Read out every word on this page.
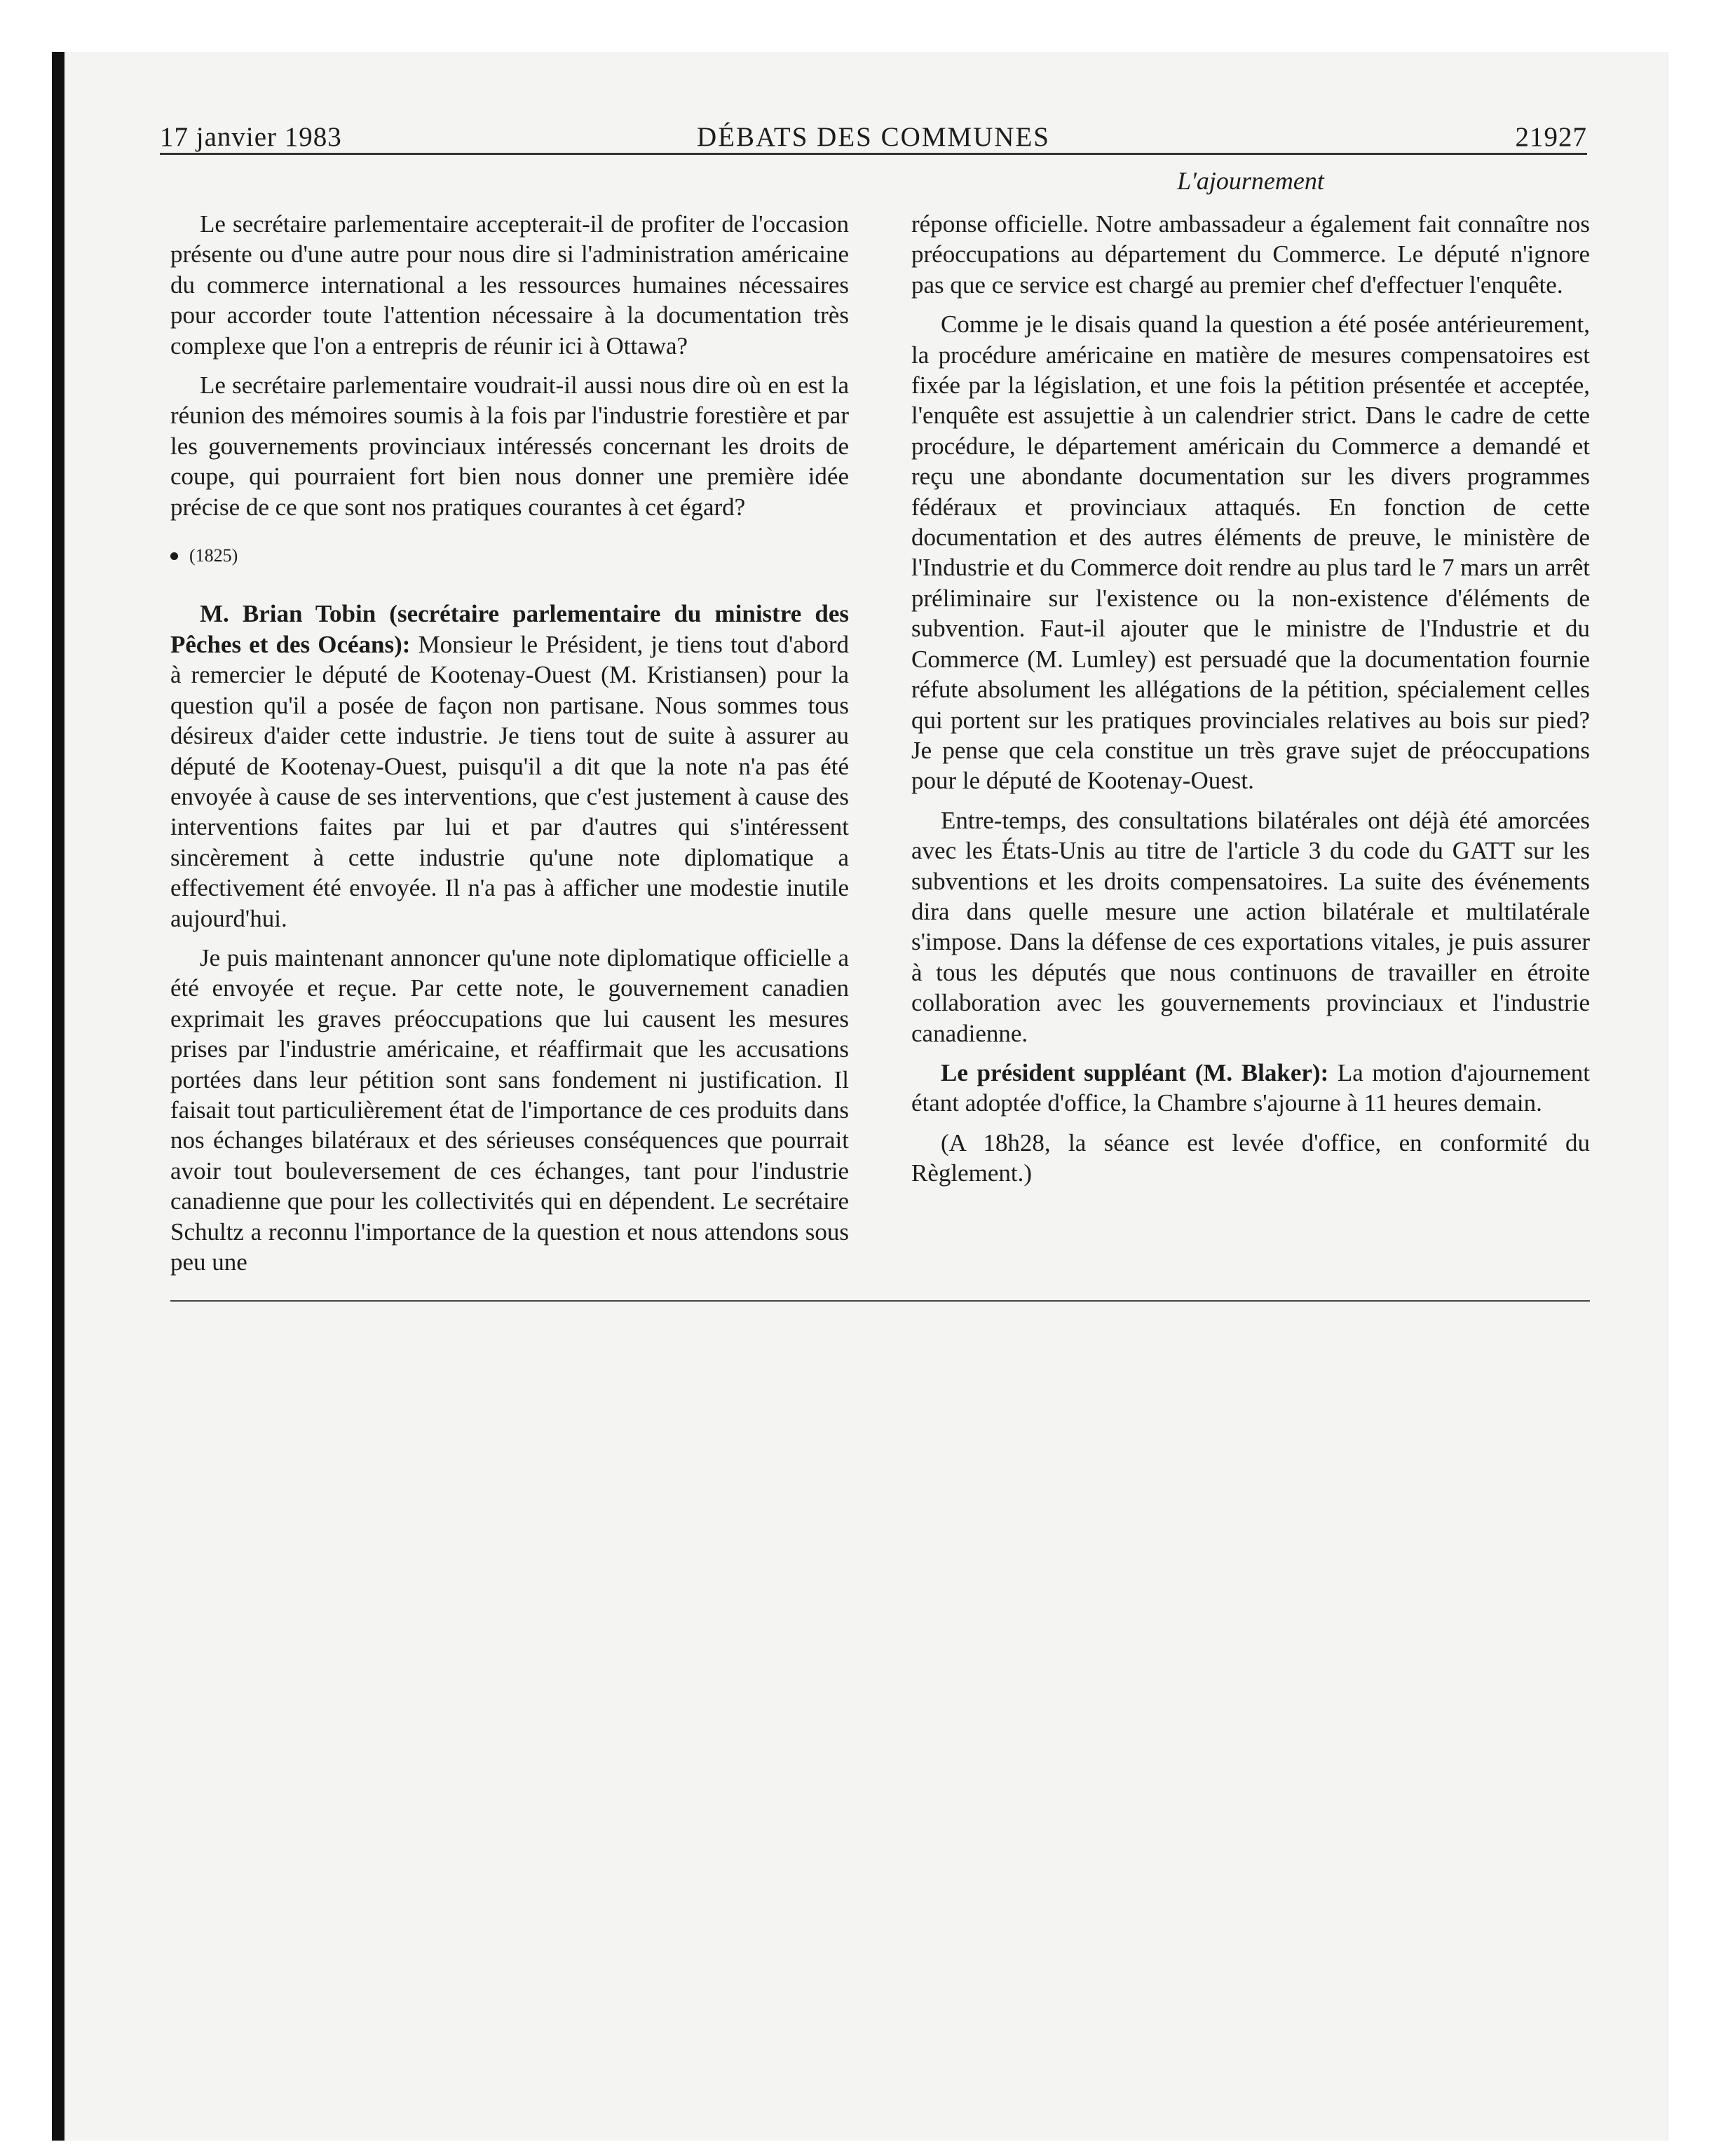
17 janvier 1983	DÉBATS DES COMMUNES	21927
L'ajournement

Le secrétaire parlementaire accepterait-il de profiter de l'occasion présente ou d'une autre pour nous dire si l'administration américaine du commerce international a les ressources humaines nécessaires pour accorder toute l'attention nécessaire à la documentation très complexe que l'on a entrepris de réunir ici à Ottawa?

Le secrétaire parlementaire voudrait-il aussi nous dire où en est la réunion des mémoires soumis à la fois par l'industrie forestière et par les gouvernements provinciaux intéressés concernant les droits de coupe, qui pourraient fort bien nous donner une première idée précise de ce que sont nos pratiques courantes à cet égard?

(1825)

M. Brian Tobin (secrétaire parlementaire du ministre des Pêches et des Océans): Monsieur le Président, je tiens tout d'abord à remercier le député de Kootenay-Ouest (M. Kristiansen) pour la question qu'il a posée de façon non partisane. Nous sommes tous désireux d'aider cette industrie. Je tiens tout de suite à assurer au député de Kootenay-Ouest, puisqu'il a dit que la note n'a pas été envoyée à cause de ses interventions, que c'est justement à cause des interventions faites par lui et par d'autres qui s'intéressent sincèrement à cette industrie qu'une note diplomatique a effectivement été envoyée. Il n'a pas à afficher une modestie inutile aujourd'hui.

Je puis maintenant annoncer qu'une note diplomatique officielle a été envoyée et reçue. Par cette note, le gouvernement canadien exprimait les graves préoccupations que lui causent les mesures prises par l'industrie américaine, et réaffirmait que les accusations portées dans leur pétition sont sans fondement ni justification. Il faisait tout particulièrement état de l'importance de ces produits dans nos échanges bilatéraux et des sérieuses conséquences que pourrait avoir tout bouleversement de ces échanges, tant pour l'industrie canadienne que pour les collectivités qui en dépendent. Le secrétaire Schultz a reconnu l'importance de la question et nous attendons sous peu une

réponse officielle. Notre ambassadeur a également fait connaître nos préoccupations au département du Commerce. Le député n'ignore pas que ce service est chargé au premier chef d'effectuer l'enquête.

Comme je le disais quand la question a été posée antérieurement, la procédure américaine en matière de mesures compensatoires est fixée par la législation, et une fois la pétition présentée et acceptée, l'enquête est assujettie à un calendrier strict. Dans le cadre de cette procédure, le département américain du Commerce a demandé et reçu une abondante documentation sur les divers programmes fédéraux et provinciaux attaqués. En fonction de cette documentation et des autres éléments de preuve, le ministère de l'Industrie et du Commerce doit rendre au plus tard le 7 mars un arrêt préliminaire sur l'existence ou la non-existence d'éléments de subvention. Faut-il ajouter que le ministre de l'Industrie et du Commerce (M. Lumley) est persuadé que la documentation fournie réfute absolument les allégations de la pétition, spécialement celles qui portent sur les pratiques provinciales relatives au bois sur pied? Je pense que cela constitue un très grave sujet de préoccupations pour le député de Kootenay-Ouest.

Entre-temps, des consultations bilatérales ont déjà été amorcées avec les États-Unis au titre de l'article 3 du code du GATT sur les subventions et les droits compensatoires. La suite des événements dira dans quelle mesure une action bilatérale et multilatérale s'impose. Dans la défense de ces exportations vitales, je puis assurer à tous les députés que nous continuons de travailler en étroite collaboration avec les gouvernements provinciaux et l'industrie canadienne.

Le président suppléant (M. Blaker): La motion d'ajournement étant adoptée d'office, la Chambre s'ajourne à 11 heures demain.

(A 18h28, la séance est levée d'office, en conformité du Règlement.)
